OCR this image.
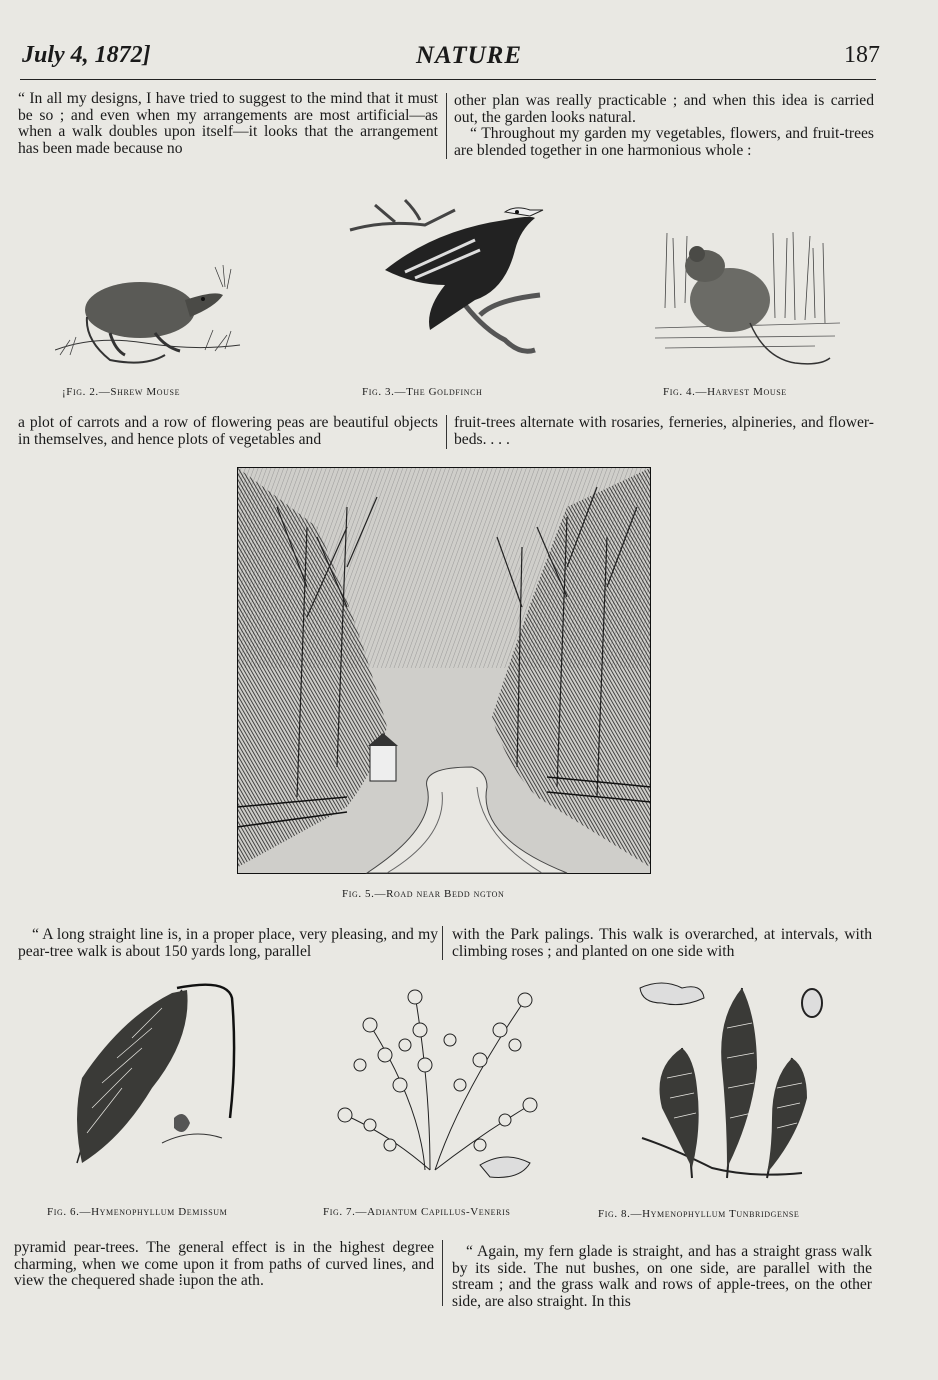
July 4, 1872]	NATURE	187
“ In all my designs, I have tried to suggest to the mind that it must be so ; and even when my arrangements are most artificial—as when a walk doubles upon itself—it looks that the arrangement has been made because no
other plan was really practicable ; and when this idea is carried out, the garden looks natural.
“ Throughout my garden my vegetables, flowers, and fruit-trees are blended together in one harmonious whole :
¡Fig. 2.—Shrew Mouse	Fig. 3.—The Goldfinch	Fig. 4.—Harvest Mouse
a plot of carrots and a row of flowering peas are beautiful objects in themselves, and hence plots of vegetables and
fruit-trees alternate with rosaries, ferneries, alpineries, and flower-beds. . . .
Fig. 5.—Road near Bedd ngton
“ A long straight line is, in a proper place, very pleasing, and my pear-tree walk is about 150 yards long, parallel
with the Park palings. This walk is overarched, at intervals, with climbing roses ; and planted on one side with
Fig. 6.—Hymenophyllum Demissum	Fig. 7.—Adiantum Capillus-Veneris	Fig. 8.—Hymenophyllum Tunbridgense
pyramid pear-trees. The general effect is in the highest degree charming, when we come upon it from paths of curved lines, and view the chequered shade ⁞upon the ath.
“ Again, my fern glade is straight, and has a straight grass walk by its side. The nut bushes, on one side, are parallel with the stream ; and the grass walk and rows of apple-trees, on the other side, are also straight. In this
